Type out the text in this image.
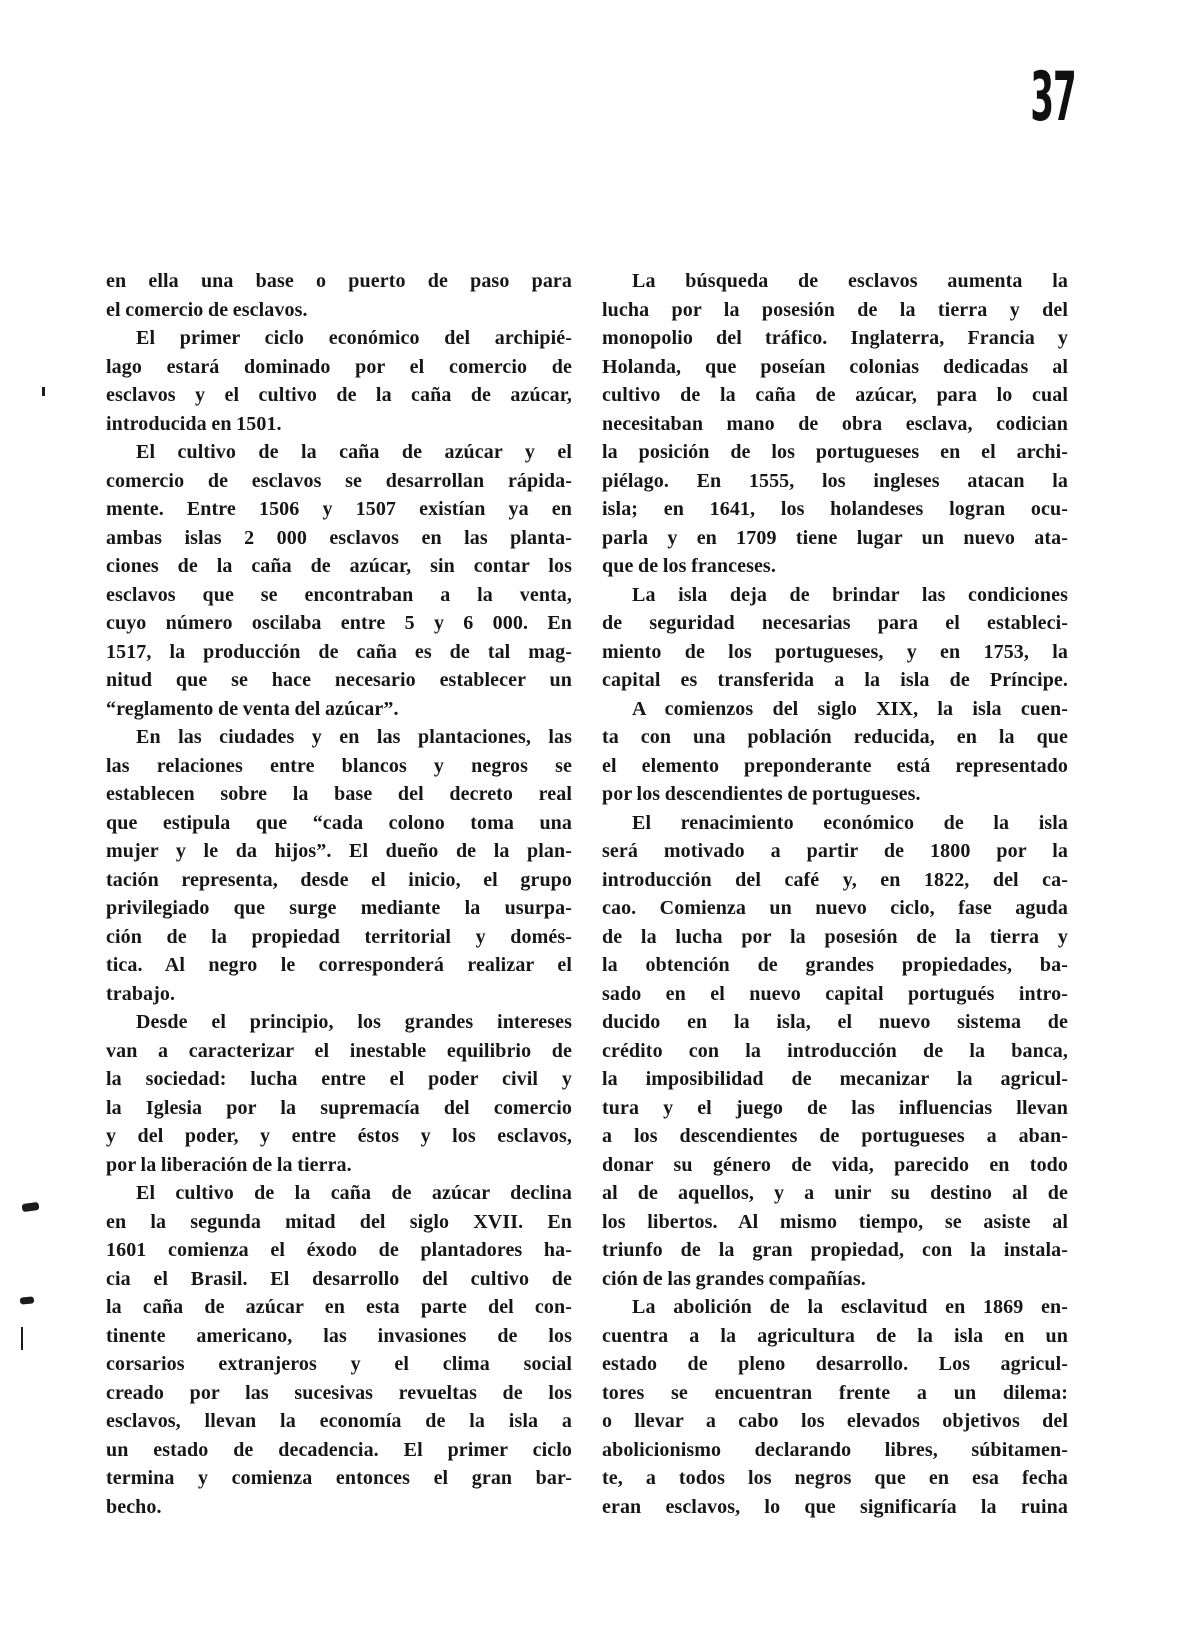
37
en ella una base o puerto de paso para
el comercio de esclavos.
El primer ciclo económico del archipié-
lago estará dominado por el comercio de
esclavos y el cultivo de la caña de azúcar,
introducida en 1501.
El cultivo de la caña de azúcar y el
comercio de esclavos se desarrollan rápida-
mente. Entre 1506 y 1507 existían ya en
ambas islas 2 000 esclavos en las planta-
ciones de la caña de azúcar, sin contar los
esclavos que se encontraban a la venta,
cuyo número oscilaba entre 5 y 6 000. En
1517, la producción de caña es de tal mag-
nitud que se hace necesario establecer un
“reglamento de venta del azúcar”.
En las ciudades y en las plantaciones, las
las relaciones entre blancos y negros se
establecen sobre la base del decreto real
que estipula que “cada colono toma una
mujer y le da hijos”. El dueño de la plan-
tación representa, desde el inicio, el grupo
privilegiado que surge mediante la usurpa-
ción de la propiedad territorial y domés-
tica. Al negro le corresponderá realizar el
trabajo.
Desde el principio, los grandes intereses
van a caracterizar el inestable equilibrio de
la sociedad: lucha entre el poder civil y
la Iglesia por la supremacía del comercio
y del poder, y entre éstos y los esclavos,
por la liberación de la tierra.
El cultivo de la caña de azúcar declina
en la segunda mitad del siglo XVII. En
1601 comienza el éxodo de plantadores ha-
cia el Brasil. El desarrollo del cultivo de
la caña de azúcar en esta parte del con-
tinente americano, las invasiones de los
corsarios extranjeros y el clima social
creado por las sucesivas revueltas de los
esclavos, llevan la economía de la isla a
un estado de decadencia. El primer ciclo
termina y comienza entonces el gran bar-
becho.
La búsqueda de esclavos aumenta la
lucha por la posesión de la tierra y del
monopolio del tráfico. Inglaterra, Francia y
Holanda, que poseían colonias dedicadas al
cultivo de la caña de azúcar, para lo cual
necesitaban mano de obra esclava, codician
la posición de los portugueses en el archi-
piélago. En 1555, los ingleses atacan la
isla; en 1641, los holandeses logran ocu-
parla y en 1709 tiene lugar un nuevo ata-
que de los franceses.
La isla deja de brindar las condiciones
de seguridad necesarias para el estableci-
miento de los portugueses, y en 1753, la
capital es transferida a la isla de Príncipe.
A comienzos del siglo XIX, la isla cuen-
ta con una población reducida, en la que
el elemento preponderante está representado
por los descendientes de portugueses.
El renacimiento económico de la isla
será motivado a partir de 1800 por la
introducción del café y, en 1822, del ca-
cao. Comienza un nuevo ciclo, fase aguda
de la lucha por la posesión de la tierra y
la obtención de grandes propiedades, ba-
sado en el nuevo capital portugués intro-
ducido en la isla, el nuevo sistema de
crédito con la introducción de la banca,
la imposibilidad de mecanizar la agricul-
tura y el juego de las influencias llevan
a los descendientes de portugueses a aban-
donar su género de vida, parecido en todo
al de aquellos, y a unir su destino al de
los libertos. Al mismo tiempo, se asiste al
triunfo de la gran propiedad, con la instala-
ción de las grandes compañías.
La abolición de la esclavitud en 1869 en-
cuentra a la agricultura de la isla en un
estado de pleno desarrollo. Los agricul-
tores se encuentran frente a un dilema:
o llevar a cabo los elevados objetivos del
abolicionismo declarando libres, súbitamen-
te, a todos los negros que en esa fecha
eran esclavos, lo que significaría la ruina
